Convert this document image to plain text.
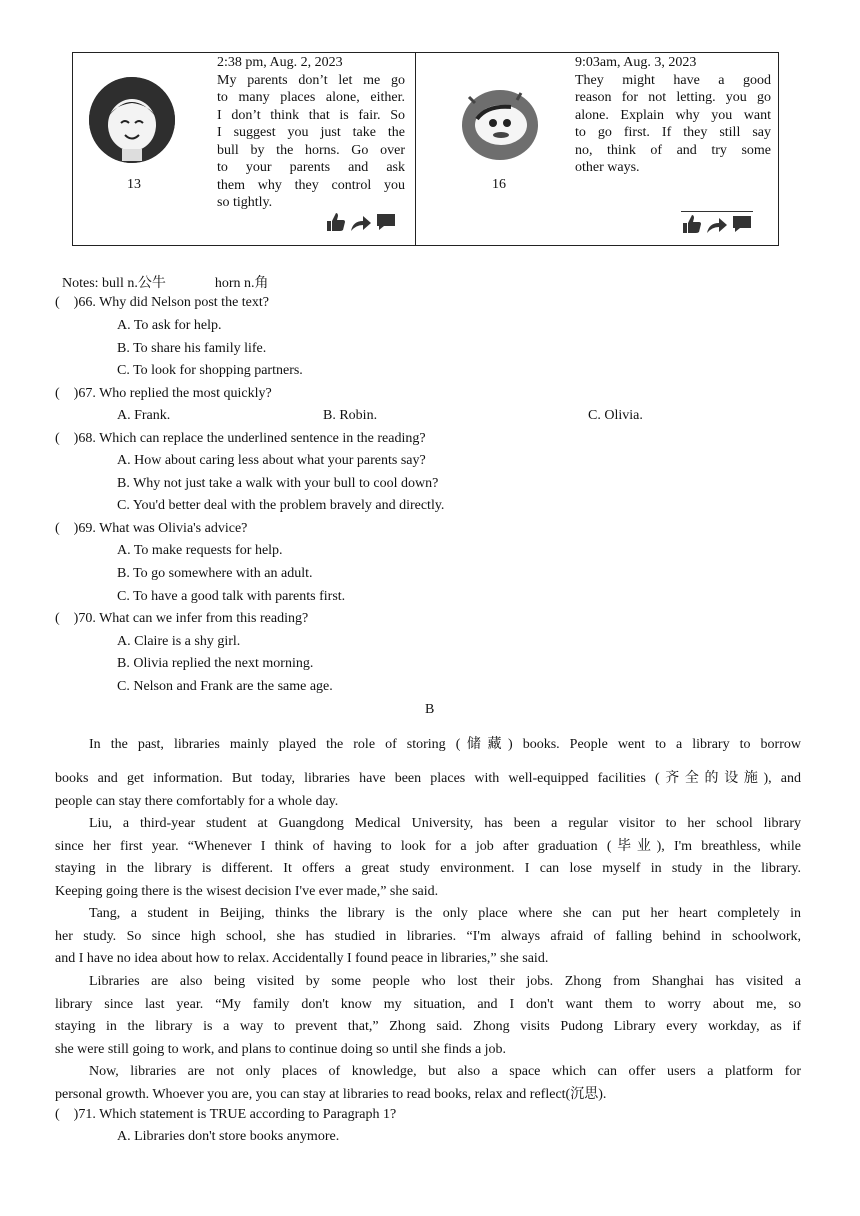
13
2:38 pm, Aug. 2, 2023
My parents don’t let me go
to many places alone, either.
I don’t think that is fair. So
I suggest you just take the
bull by the horns. Go over
to your parents and ask
them why they control you
so tightly.
16
9:03am, Aug. 3, 2023
They might have a good
reason for not letting. you go
alone. Explain why you want
to go first. If they still say
no, think of and try some
other ways.
Notes: bull n.公牛              horn n.角
(    )66. Why did Nelson post the text?
A. To ask for help.
B. To share his family life.
C. To look for shopping partners.
(    )67. Who replied the most quickly?
A. Frank.	B. Robin.	C. Olivia.
(    )68. Which can replace the underlined sentence in the reading?
A. How about caring less about what your parents say?
B. Why not just take a walk with your bull to cool down?
C. You'd better deal with the problem bravely and directly.
(    )69. What was Olivia's advice?
A. To make requests for help.
B. To go somewhere with an adult.
C. To have a good talk with parents first.
(    )70. What can we infer from this reading?
A. Claire is a shy girl.
B. Olivia replied the next morning.
C. Nelson and Frank are the same age.
B
In the past, libraries mainly played the role of storing (储藏) books. People went to a library to borrow
books and get information. But today, libraries have been places with well-equipped facilities (齐全的设施), and
people can stay there comfortably for a whole day.
Liu, a third-year student at Guangdong Medical University, has been a regular visitor to her school library
since her first year. “Whenever I think of having to look for a job after graduation (毕业), I'm breathless, while
staying in the library is different. It offers a great study environment. I can lose myself in study in the library.
Keeping going there is the wisest decision I've ever made,” she said.
Tang, a student in Beijing, thinks the library is the only place where she can put her heart completely in
her study. So since high school, she has studied in libraries. “I'm always afraid of falling behind in schoolwork,
and I have no idea about how to relax. Accidentally I found peace in libraries,” she said.
Libraries are also being visited by some people who lost their jobs. Zhong from Shanghai has visited a
library since last year. “My family don't know my situation, and I don't want them to worry about me, so
staying in the library is a way to prevent that,” Zhong said. Zhong visits Pudong Library every workday, as if
she were still going to work, and plans to continue doing so until she finds a job.
Now, libraries are not only places of knowledge, but also a space which can offer users a platform for
personal growth. Whoever you are, you can stay at libraries to read books, relax and reflect(沉思).
(    )71. Which statement is TRUE according to Paragraph 1?
A. Libraries don't store books anymore.
